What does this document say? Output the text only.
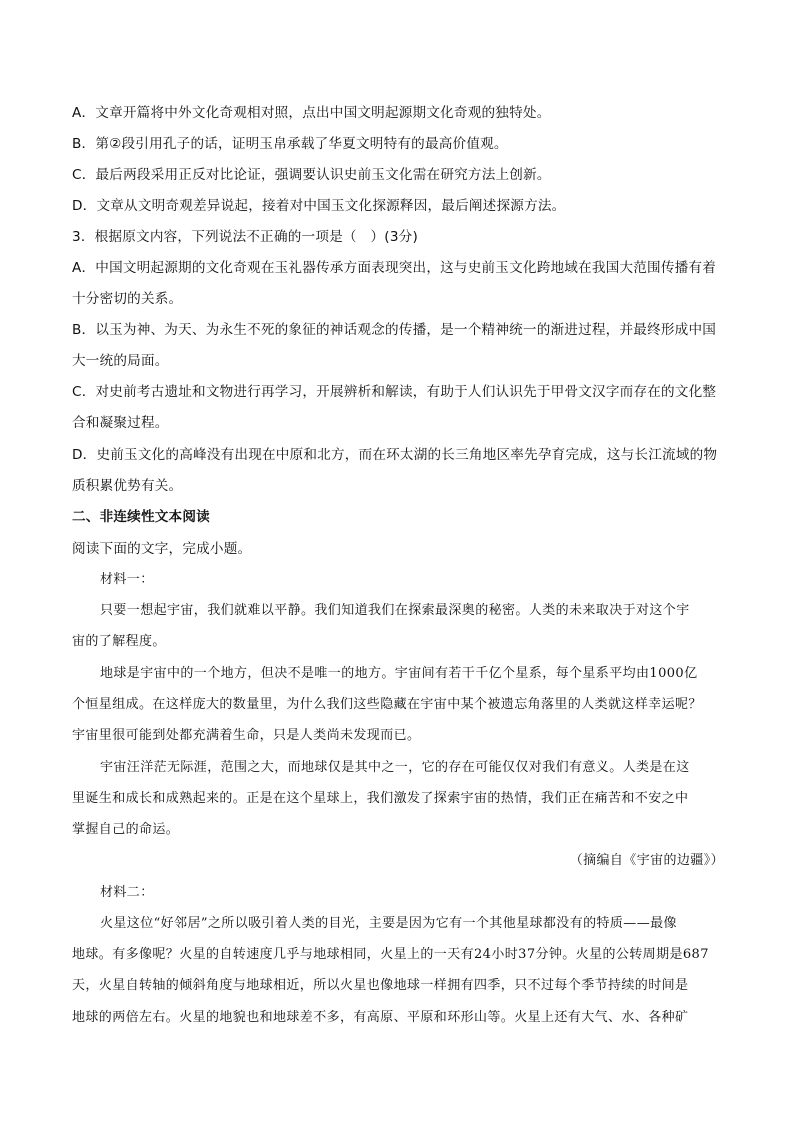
A．文章开篇将中外文化奇观相对照，点出中国文明起源期文化奇观的独特处。
B．第②段引用孔子的话，证明玉帛承载了华夏文明特有的最高价值观。
C．最后两段采用正反对比论证，强调要认识史前玉文化需在研究方法上创新。
D．文章从文明奇观差异说起，接着对中国玉文化探源释因，最后阐述探源方法。
3．根据原文内容，下列说法不正确的一项是（　）(3分)
A．中国文明起源期的文化奇观在玉礼器传承方面表现突出，这与史前玉文化跨地域在我国大范围传播有着
十分密切的关系。
B．以玉为神、为天、为永生不死的象征的神话观念的传播，是一个精神统一的渐进过程，并最终形成中国
大一统的局面。
C．对史前考古遗址和文物进行再学习，开展辨析和解读，有助于人们认识先于甲骨文汉字而存在的文化整
合和凝聚过程。
D．史前玉文化的高峰没有出现在中原和北方，而在环太湖的长三角地区率先孕育完成，这与长江流域的物
质积累优势有关。
二、非连续性文本阅读
阅读下面的文字，完成小题。
材料一：
只要一想起宇宙，我们就难以平静。我们知道我们在探索最深奥的秘密。人类的未来取决于对这个宇
宙的了解程度。
地球是宇宙中的一个地方，但决不是唯一的地方。宇宙间有若干千亿个星系，每个星系平均由1000亿
个恒星组成。在这样庞大的数量里，为什么我们这些隐藏在宇宙中某个被遗忘角落里的人类就这样幸运呢？
宇宙里很可能到处都充满着生命，只是人类尚未发现而已。
宇宙汪洋茫无际涯，范围之大，而地球仅是其中之一，它的存在可能仅仅对我们有意义。人类是在这
里诞生和成长和成熟起来的。正是在这个星球上，我们激发了探索宇宙的热情，我们正在痛苦和不安之中
掌握自己的命运。
（摘编自《宇宙的边疆》）
材料二：
火星这位“好邻居”之所以吸引着人类的目光，主要是因为它有一个其他星球都没有的特质——最像
地球。有多像呢？火星的自转速度几乎与地球相同，火星上的一天有24小时37分钟。火星的公转周期是687
天，火星自转轴的倾斜角度与地球相近，所以火星也像地球一样拥有四季，只不过每个季节持续的时间是
地球的两倍左右。火星的地貌也和地球差不多，有高原、平原和环形山等。火星上还有大气、水、各种矿
